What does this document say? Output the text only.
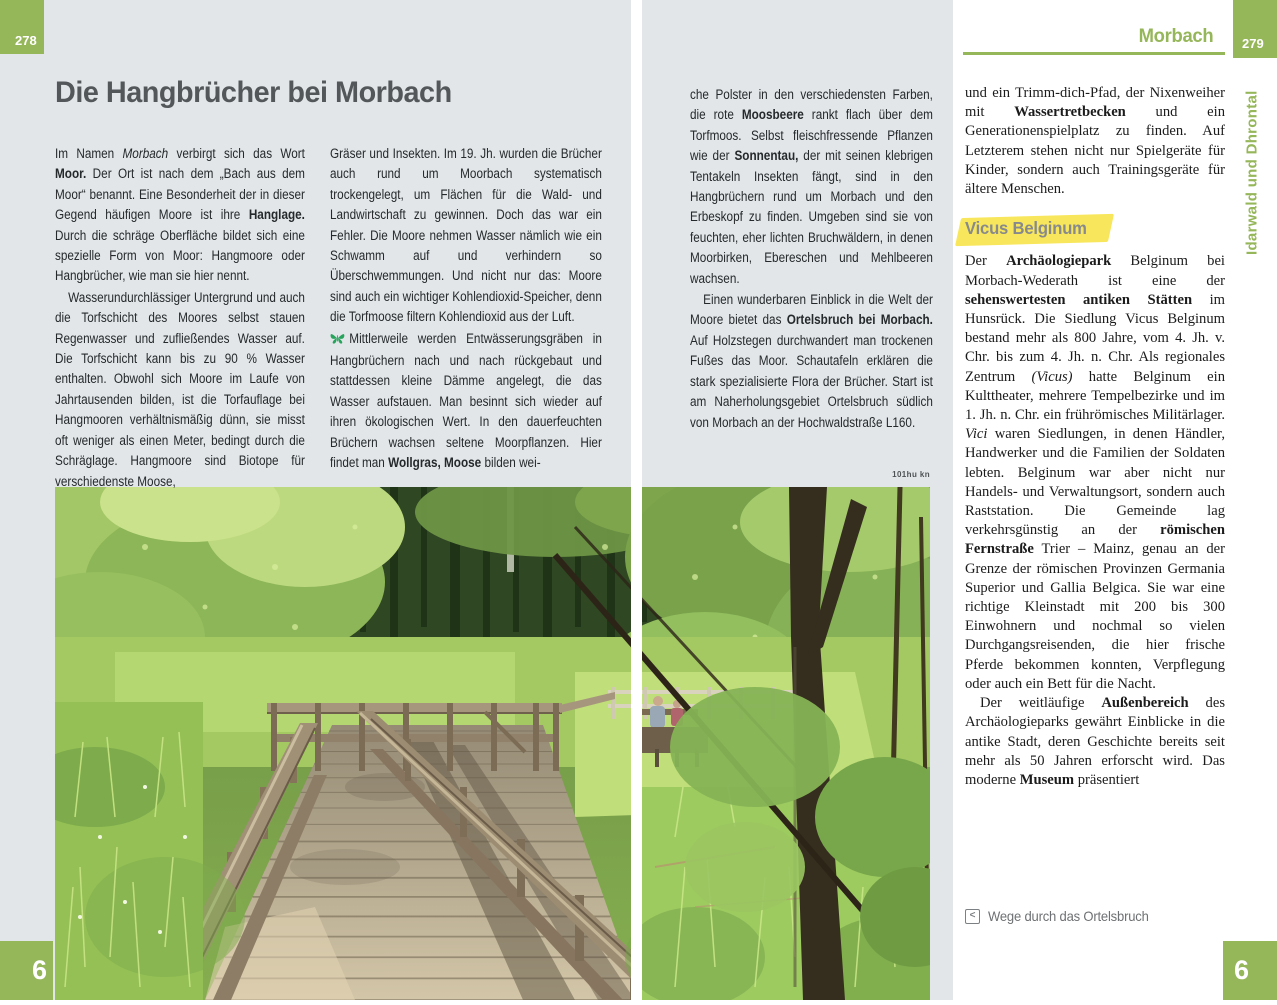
278	279
6	6
Idarwald und Dhrontal
Die Hangbrücher bei Morbach
Morbach

Im Namen Morbach verbirgt sich das Wort Moor. Der Ort ist nach dem „Bach aus dem Moor“ benannt. Eine Besonderheit der in dieser Gegend häufigen Moore ist ihre Hanglage. Durch die schräge Oberfläche bildet sich eine spezielle Form von Moor: Hangmoore oder Hangbrücher, wie man sie hier nennt.

Wasserundurchlässiger Untergrund und auch die Torfschicht des Moores selbst stauen Regenwasser und zufließendes Wasser auf. Die Torfschicht kann bis zu 90 % Wasser enthalten. Obwohl sich Moore im Laufe von Jahrtausenden bilden, ist die Torfauflage bei Hangmooren verhältnismäßig dünn, sie misst oft weniger als einen Meter, bedingt durch die Schräglage. Hangmoore sind Biotope für verschiedenste Moose,

Gräser und Insekten. Im 19. Jh. wurden die Brücher auch rund um Moorbach systematisch trockengelegt, um Flächen für die Wald- und Landwirtschaft zu gewinnen. Doch das war ein Fehler. Die Moore nehmen Wasser nämlich wie ein Schwamm auf und verhindern so Überschwemmungen. Und nicht nur das: Moore sind auch ein wichtiger Kohlendioxid-Speicher, denn die Torfmoose filtern Kohlendioxid aus der Luft.

Mittlerweile werden Entwässerungsgräben in Hangbrüchern nach und nach rückgebaut und stattdessen kleine Dämme angelegt, die das Wasser aufstauen. Man besinnt sich wieder auf ihren ökologischen Wert. In den dauerfeuchten Brüchern wachsen seltene Moorpflanzen. Hier findet man Wollgras, Moose bilden wei-

che Polster in den verschiedensten Farben, die rote Moosbeere rankt flach über dem Torfmoos. Selbst fleischfressende Pflanzen wie der Sonnentau, der mit seinen klebrigen Tentakeln Insekten fängt, sind in den Hangbrüchern rund um Morbach und den Erbeskopf zu finden. Umgeben sind sie von feuchten, eher lichten Bruchwäldern, in denen Moorbirken, Ebereschen und Mehlbeeren wachsen.

Einen wunderbaren Einblick in die Welt der Moore bietet das Ortelsbruch bei Morbach. Auf Holzstegen durchwandert man trockenen Fußes das Moor. Schautafeln erklären die stark spezialisierte Flora der Brücher. Start ist am Naherholungsgebiet Ortelsbruch südlich von Morbach an der Hochwaldstraße L160.

und ein Trimm-dich-Pfad, der Nixenweiher mit Wassertretbecken und ein Generationenspielplatz zu finden. Auf Letzterem stehen nicht nur Spielgeräte für Kinder, sondern auch Trainingsgeräte für ältere Menschen.

Vicus Belginum

Der Archäologiepark Belginum bei Morbach-Wederath ist eine der sehenswertesten antiken Stätten im Hunsrück. Die Siedlung Vicus Belginum bestand mehr als 800 Jahre, vom 4. Jh. v. Chr. bis zum 4. Jh. n. Chr. Als regionales Zentrum (Vicus) hatte Belginum ein Kulttheater, mehrere Tempelbezirke und im 1. Jh. n. Chr. ein frührömisches Militärlager. Vici waren Siedlungen, in denen Händler, Handwerker und die Familien der Soldaten lebten. Belginum war aber nicht nur Handels- und Verwaltungsort, sondern auch Raststation. Die Gemeinde lag verkehrsgünstig an der römischen Fernstraße Trier – Mainz, genau an der Grenze der römischen Provinzen Germania Superior und Gallia Belgica. Sie war eine richtige Kleinstadt mit 200 bis 300 Einwohnern und nochmal so vielen Durchgangsreisenden, die hier frische Pferde bekommen konnten, Verpflegung oder auch ein Bett für die Nacht.

Der weitläufige Außenbereich des Archäologieparks gewährt Einblicke in die antike Stadt, deren Geschichte bereits seit mehr als 50 Jahren erforscht wird. Das moderne Museum präsentiert

101hu kn
< Wege durch das Ortelsbruch
